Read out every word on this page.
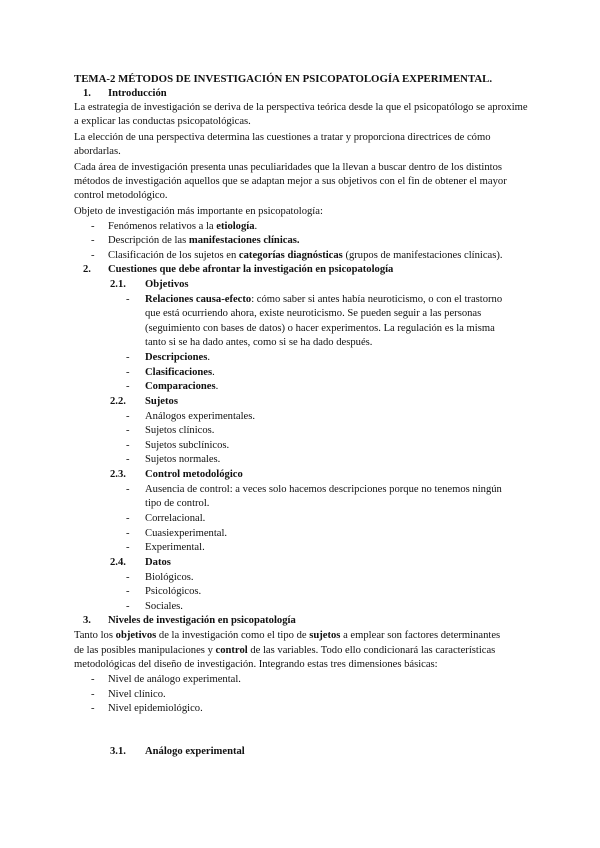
TEMA-2 MÉTODOS DE INVESTIGACIÓN EN PSICOPATOLOGÍA EXPERIMENTAL.
1. Introducción
La estrategia de investigación se deriva de la perspectiva teórica desde la que el psicopatólogo se aproxime a explicar las conductas psicopatológicas.
La elección de una perspectiva determina las cuestiones a tratar y proporciona directrices de cómo abordarlas.
Cada área de investigación presenta unas peculiaridades que la llevan a buscar dentro de los distintos métodos de investigación aquellos que se adaptan mejor a sus objetivos con el fin de obtener el mayor control metodológico.
Objeto de investigación más importante en psicopatología:
- Fenómenos relativos a la etiología.
- Descripción de las manifestaciones clínicas.
- Clasificación de los sujetos en categorías diagnósticas (grupos de manifestaciones clínicas).
2. Cuestiones que debe afrontar la investigación en psicopatología
2.1. Objetivos
- Relaciones causa-efecto: cómo saber si antes había neuroticismo, o con el trastorno
que está ocurriendo ahora, existe neuroticismo. Se pueden seguir a las personas
(seguimiento con bases de datos) o hacer experimentos. La regulación es la misma
tanto si se ha dado antes, como si se ha dado después.
- Descripciones.
- Clasificaciones.
- Comparaciones.
2.2. Sujetos
- Análogos experimentales.
- Sujetos clínicos.
- Sujetos subclínicos.
- Sujetos normales.
2.3. Control metodológico
- Ausencia de control: a veces solo hacemos descripciones porque no tenemos ningún
tipo de control.
- Correlacional.
- Cuasiexperimental.
- Experimental.
2.4. Datos
- Biológicos.
- Psicológicos.
- Sociales.
3. Niveles de investigación en psicopatología
Tanto los objetivos de la investigación como el tipo de sujetos a emplear son factores determinantes
de las posibles manipulaciones y control de las variables. Todo ello condicionará las características
metodológicas del diseño de investigación. Integrando estas tres dimensiones básicas:
- Nivel de análogo experimental.
- Nivel clínico.
- Nivel epidemiológico.
3.1. Análogo experimental
